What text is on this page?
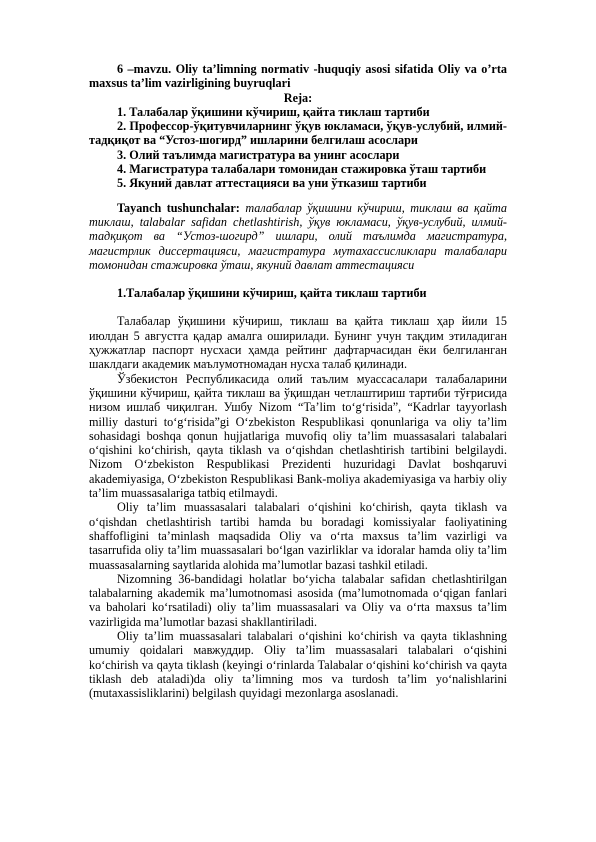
6 –mavzu. Oliy ta’limning normativ -huquqiy asosi sifatida Oliy va o’rta maxsus ta’lim vazirligining buyruqlari

Reja:

1. Талабалар ўқишини кўчириш, қайта тиклаш тартиби

2. Профессор-ўқитувчиларнинг ўқув юкламаси, ўқув-услубий, илмий-тадқиқот ва “Устоз-шогирд” ишларини белгилаш асослари

3. Олий таълимда магистратура ва унинг асослари

4. Магистратура талабалари томонидан стажировка ўташ тартиби

5. Якуний давлат аттестацияси ва уни ўтказиш тартиби

Tayanch tushunchalar: талабалар ўқишини кўчириш, тиклаш ва қайта тиклаш, talabalar safidan chetlashtirish, ўқув юкламаси, ўқув-услубий, илмий-тадқиқот ва “Устоз-шогирд” ишлари, олий таълимда магистратура, магистрлик диссертацияси, магистратура мутахассисликлари талабалари томонидан стажировка ўташ, якуний давлат аттестацияси

1.Талабалар ўқишини кўчириш, қайта тиклаш тартиби

Талабалар ўқишини кўчириш, тиклаш ва қайта тиклаш ҳар йили 15 июлдан 5 августга қадар амалга оширилади. Бунинг учун тақдим этиладиган ҳужжатлар паспорт нусхаси ҳамда рейтинг дафтарчасидан ёки белгиланган шаклдаги академик маълумотномадан нусха талаб қилинади.

Ўзбекистон Республикасида олий таълим муассасалари талабаларини ўқишини кўчириш, қайта тиклаш ва ўқишдан четлаштириш тартиби тўғрисида низом ишлаб чиқилган. Ушбу Nizom “Ta’lim to‘g‘risida”, “Kadrlar tayyorlash milliy dasturi to‘g‘risida”gi O‘zbekiston Respublikasi qonunlariga va oliy ta’lim sohasidagi boshqa qonun hujjatlariga muvofiq oliy ta’lim muassasalari talabalari o‘qishini ko‘chirish, qayta tiklash va o‘qishdan chetlashtirish tartibini belgilaydi. Nizom O‘zbekiston Respublikasi Prezidenti huzuridagi Davlat boshqaruvi akademiyasiga, O‘zbekiston Respublikasi Bank-moliya akademiyasiga va harbiy oliy ta’lim muassasalariga tatbiq etilmaydi.

Oliy ta’lim muassasalari talabalari o‘qishini ko‘chirish, qayta tiklash va o‘qishdan chetlashtirish tartibi hamda bu boradagi komissiyalar faoliyatining shaffofligini ta’minlash maqsadida Oliy va o‘rta maxsus ta’lim vazirligi va tasarrufida oliy ta’lim muassasalari bo‘lgan vazirliklar va idoralar hamda oliy ta’lim muassasalarning saytlarida alohida ma’lumotlar bazasi tashkil etiladi.

Nizomning 36-bandidagi holatlar bo‘yicha talabalar safidan chetlashtirilgan talabalarning akademik ma’lumotnomasi asosida (ma’lumotnomada o‘qigan fanlari va baholari ko‘rsatiladi) oliy ta’lim muassasalari va Oliy va o‘rta maxsus ta’lim vazirligida ma’lumotlar bazasi shakllantiriladi.

Oliy ta’lim muassasalari talabalari o‘qishini ko‘chirish va qayta tiklashning umumiy qoidalari мавжуддир. Oliy ta’lim muassasalari talabalari o‘qishini ko‘chirish va qayta tiklash (keyingi o‘rinlarda Talabalar o‘qishini ko‘chirish va qayta tiklash deb ataladi)da oliy ta’limning mos va turdosh ta’lim yo‘nalishlarini (mutaxassisliklarini) belgilash quyidagi mezonlarga asoslanadi.
